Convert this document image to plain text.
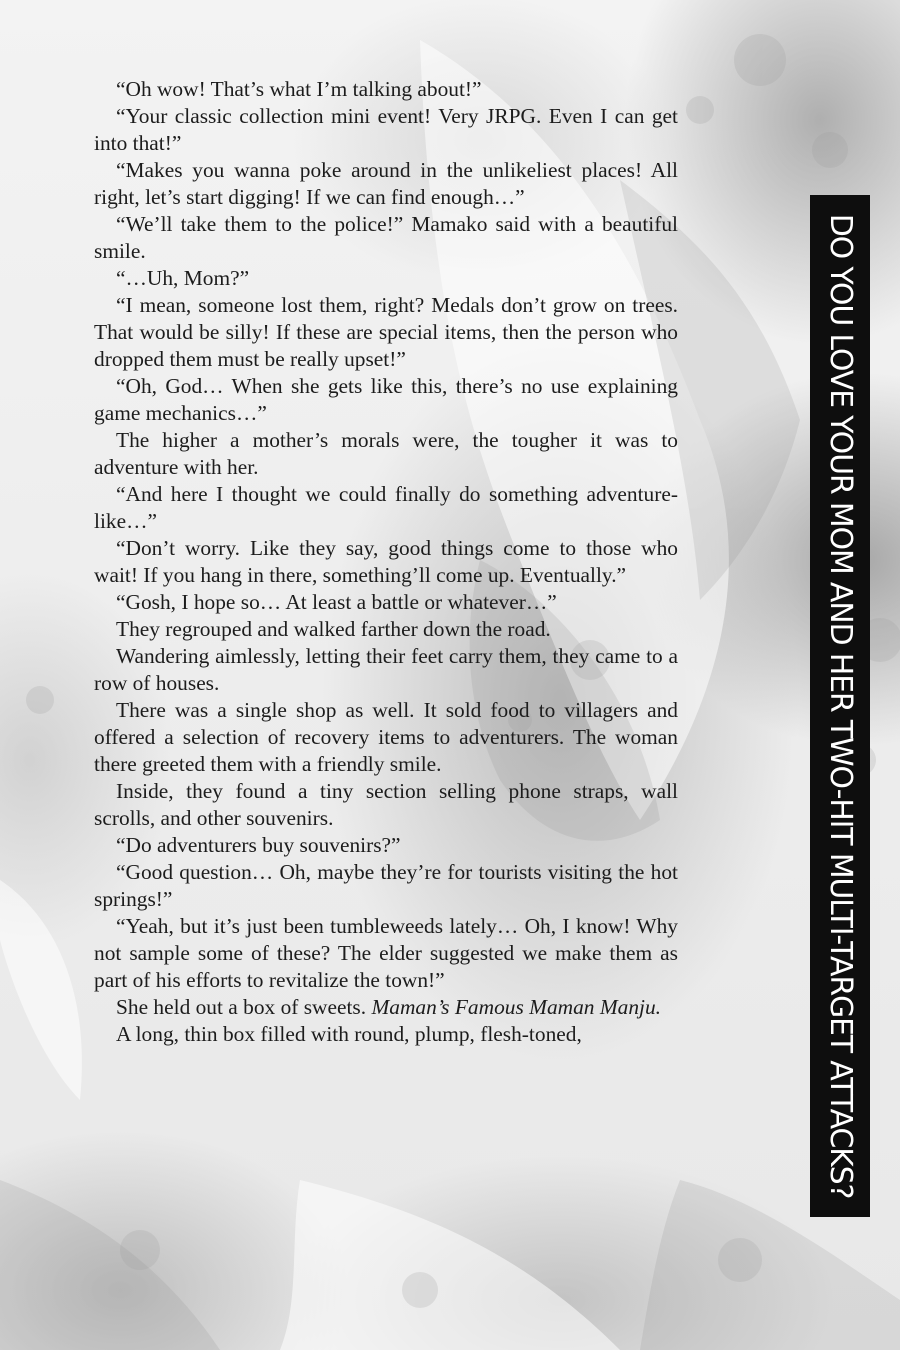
“Oh wow! That’s what I’m talking about!”

“Your classic collection mini event! Very JRPG. Even I can get into that!”

“Makes you wanna poke around in the unlikeliest places! All right, let’s start digging! If we can find enough…”

“We’ll take them to the police!” Mamako said with a beautiful smile.

“…Uh, Mom?”

“I mean, someone lost them, right? Medals don’t grow on trees. That would be silly! If these are special items, then the person who dropped them must be really upset!”

“Oh, God… When she gets like this, there’s no use explaining game mechanics…”

The higher a mother’s morals were, the tougher it was to adventure with her.

“And here I thought we could finally do something adventure-like…”

“Don’t worry. Like they say, good things come to those who wait! If you hang in there, something’ll come up. Eventually.”

“Gosh, I hope so… At least a battle or whatever…”

They regrouped and walked farther down the road.

Wandering aimlessly, letting their feet carry them, they came to a row of houses.

There was a single shop as well. It sold food to villagers and offered a selection of recovery items to adventurers. The woman there greeted them with a friendly smile.

Inside, they found a tiny section selling phone straps, wall scrolls, and other souvenirs.

“Do adventurers buy souvenirs?”

“Good question… Oh, maybe they’re for tourists visiting the hot springs!”

“Yeah, but it’s just been tumbleweeds lately… Oh, I know! Why not sample some of these? The elder suggested we make them as part of his efforts to revitalize the town!”

She held out a box of sweets. Maman’s Famous Maman Manju.

A long, thin box filled with round, plump, flesh-toned,	DO YOU LOVE YOUR MOM AND HER TWO-HIT MULTI-TARGET ATTACKS?
